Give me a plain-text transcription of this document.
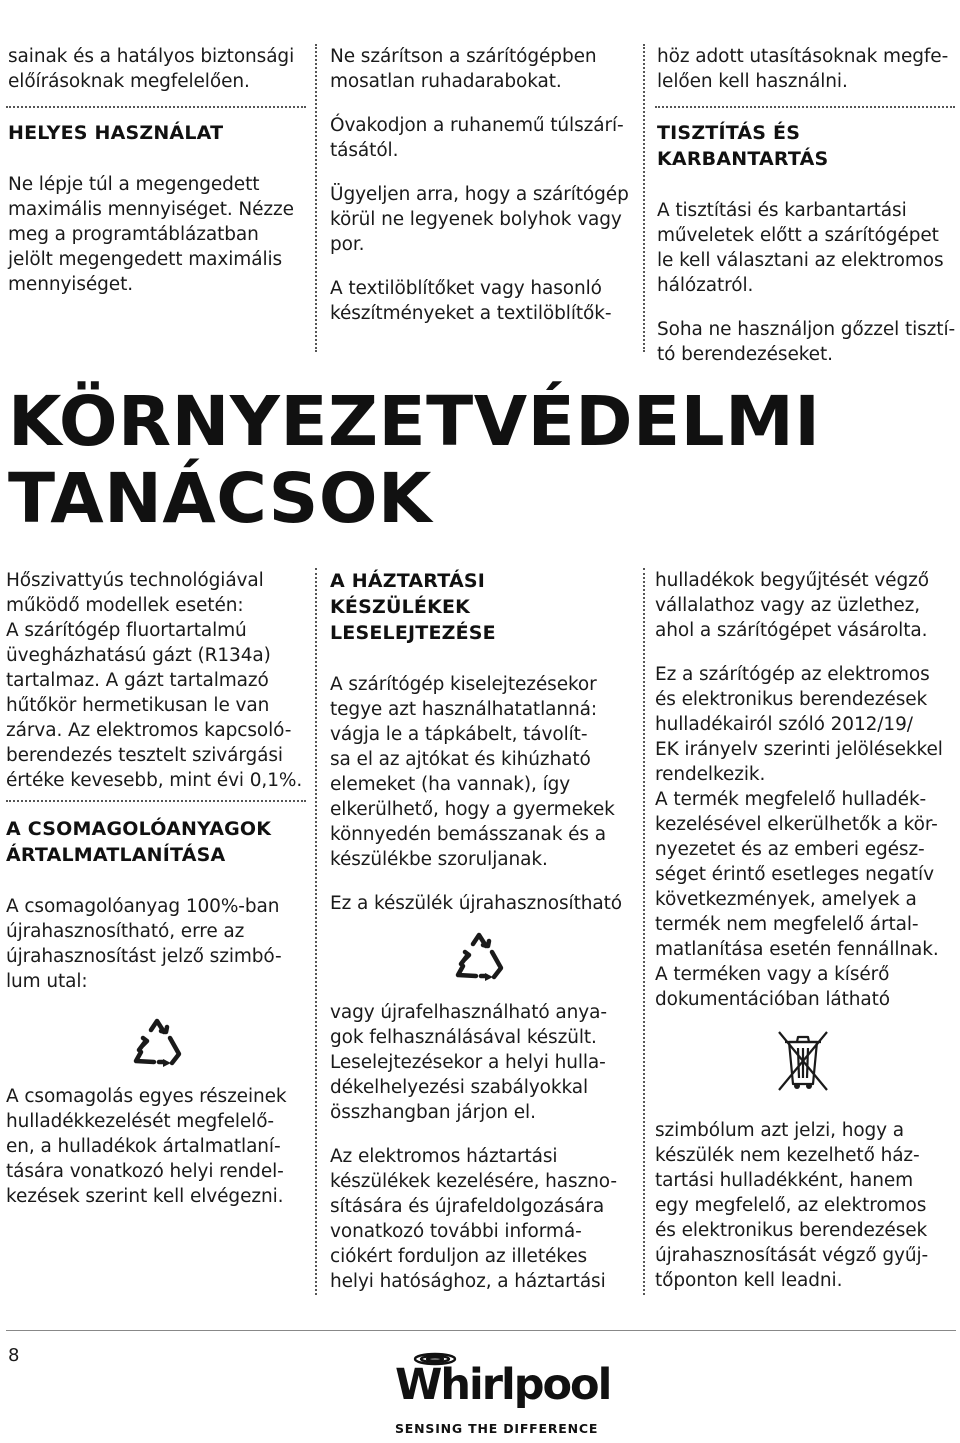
sainak és a hatályos biztonsági
előírásoknak megfelelően.

HELYES HASZNÁLAT

Ne lépje túl a megengedett
maximális mennyiséget. Nézze
meg a programtáblázatban
jelölt megengedett maximális
mennyiséget.

Ne szárítson a szárítógépben
mosatlan ruhadarabokat.

Óvakodjon a ruhanemű túlszárí-
tásától.

Ügyeljen arra, hogy a szárítógép
körül ne legyenek bolyhok vagy
por.

A textilöblítőket vagy hasonló
készítményeket a textilöblítők-

höz adott utasításoknak megfe-
lelően kell használni.

TISZTÍTÁS ÉS KARBANTARTÁS

A tisztítási és karbantartási
műveletek előtt a szárítógépet
le kell választani az elektromos
hálózatról.

Soha ne használjon gőzzel tisztí-
tó berendezéseket.

KÖRNYEZETVÉDELMI
TANÁCSOK

Hőszivattyús technológiával
működő modellek esetén:
A szárítógép fluortartalmú
üvegházhatású gázt (R134a)
tartalmaz. A gázt tartalmazó
hűtőkör hermetikusan le van
zárva. Az elektromos kapcsoló-
berendezés tesztelt szivárgási
értéke kevesebb, mint évi 0,1%.

A CSOMAGOLÓANYAGOK
ÁRTALMATLANÍTÁSA

A csomagolóanyag 100%-ban
újrahasznosítható, erre az
újrahasznosítást jelző szimbó-
lum utal:

A csomagolás egyes részeinek
hulladékkezelését megfelelő-
en, a hulladékok ártalmatlaní-
tására vonatkozó helyi rendel-
kezések szerint kell elvégezni.

A HÁZTARTÁSI KÉSZÜLÉKEK
LESELEJTEZÉSE

A szárítógép kiselejtezésekor
tegye azt használhatatlanná:
vágja le a tápkábelt, távolít-
sa el az ajtókat és kihúzható
elemeket (ha vannak), így
elkerülhető, hogy a gyermekek
könnyedén bemásszanak és a
készülékbe szoruljanak.

Ez a készülék újrahasznosítható

vagy újrafelhasználható anya-
gok felhasználásával készült.
Leselejtezésekor a helyi hulla-
dékelhelyezési szabályokkal
összhangban járjon el.

Az elektromos háztartási
készülékek kezelésére, haszno-
sítására és újrafeldolgozására
vonatkozó további informá-
ciókért forduljon az illetékes
helyi hatósághoz, a háztartási

hulladékok begyűjtését végző
vállalathoz vagy az üzlethez,
ahol a szárítógépet vásárolta.

Ez a szárítógép az elektromos
és elektronikus berendezések
hulladékairól szóló 2012/19/
EK irányelv szerinti jelölésekkel
rendelkezik.
A termék megfelelő hulladék-
kezelésével elkerülhetők a kör-
nyezetet és az emberi egész-
séget érintő esetleges negatív
következmények, amelyek a
termék nem megfelelő ártal-
matlanítása esetén fennállnak.
A terméken vagy a kísérő
dokumentációban látható

szimbólum azt jelzi, hogy a
készülék nem kezelhető ház-
tartási hulladékként, hanem
egy megfelelő, az elektromos
és elektronikus berendezések
újrahasznosítását végző gyűj-
tőponton kell leadni.

8
Whirlpool
SENSING THE DIFFERENCE
